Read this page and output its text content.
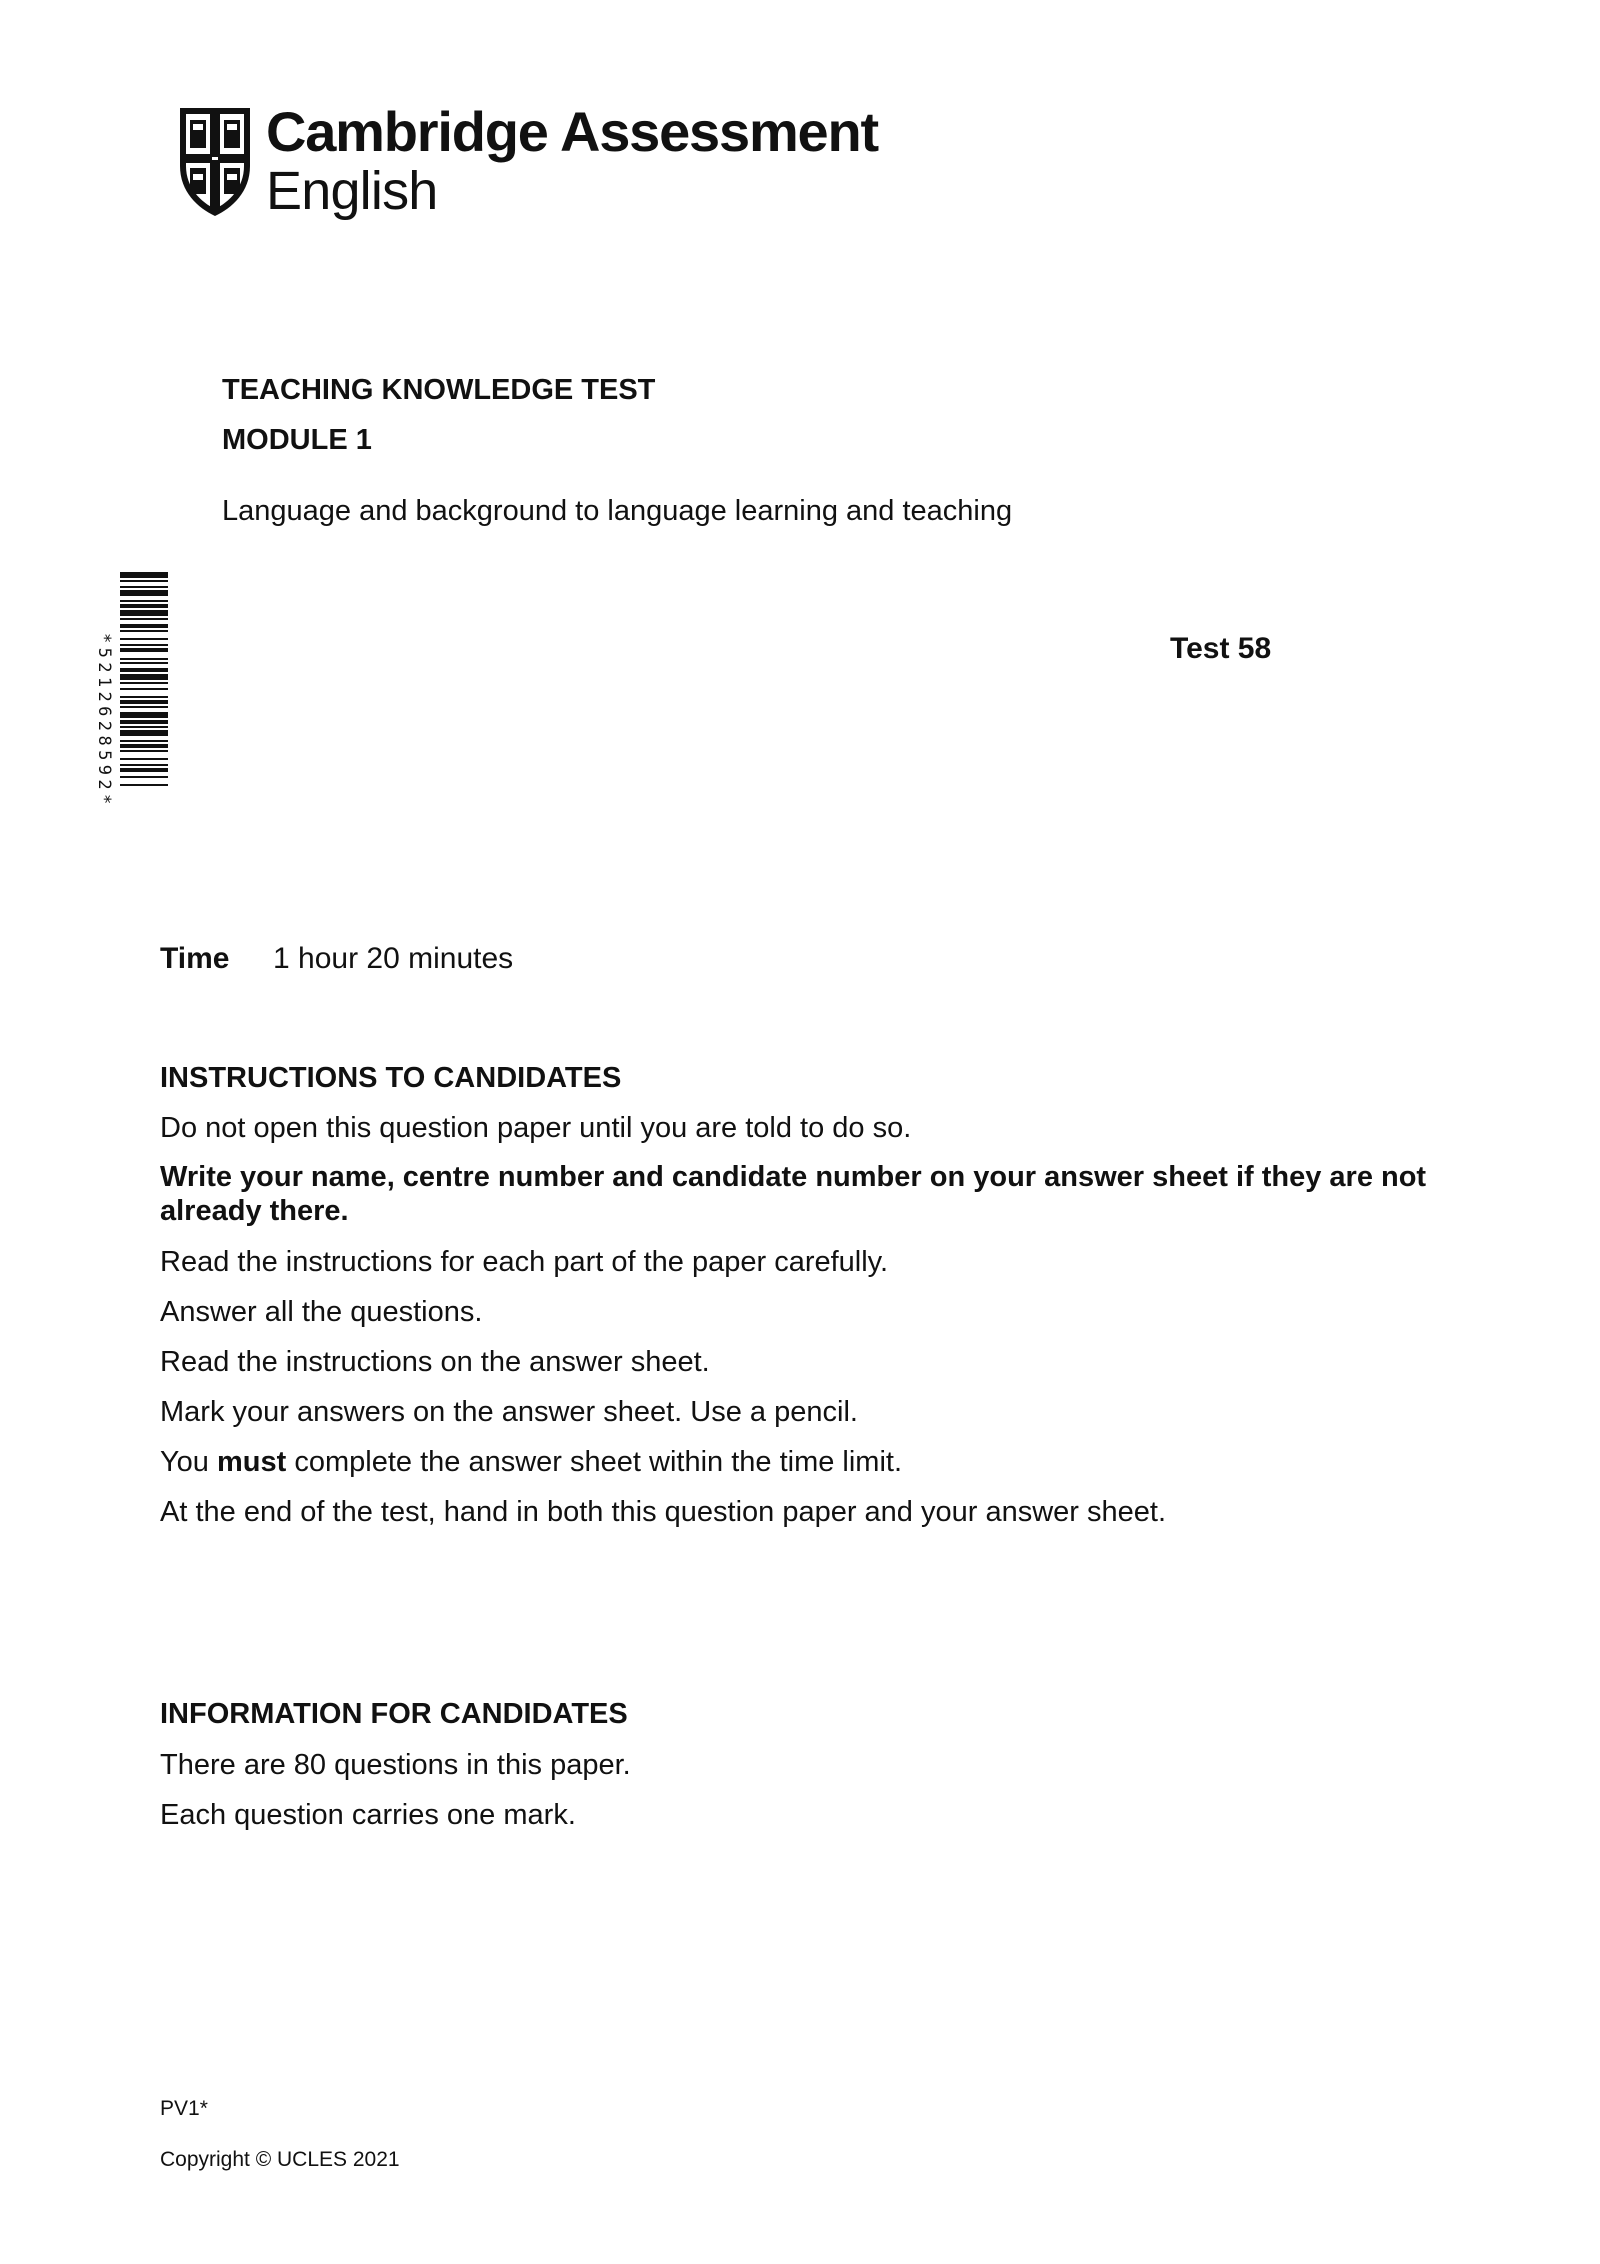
Cambridge Assessment
English
TEACHING KNOWLEDGE TEST
MODULE 1
Language and background to language learning and teaching
*5212628592*	Test 58
Time 1 hour 20 minutes
INSTRUCTIONS TO CANDIDATES
Do not open this question paper until you are told to do so.
Write your name, centre number and candidate number on your answer sheet if they are not already there.
Read the instructions for each part of the paper carefully.
Answer all the questions.
Read the instructions on the answer sheet.
Mark your answers on the answer sheet. Use a pencil.
You must complete the answer sheet within the time limit.
At the end of the test, hand in both this question paper and your answer sheet.
INFORMATION FOR CANDIDATES
There are 80 questions in this paper.
Each question carries one mark.
PV1*
Copyright © UCLES 2021
